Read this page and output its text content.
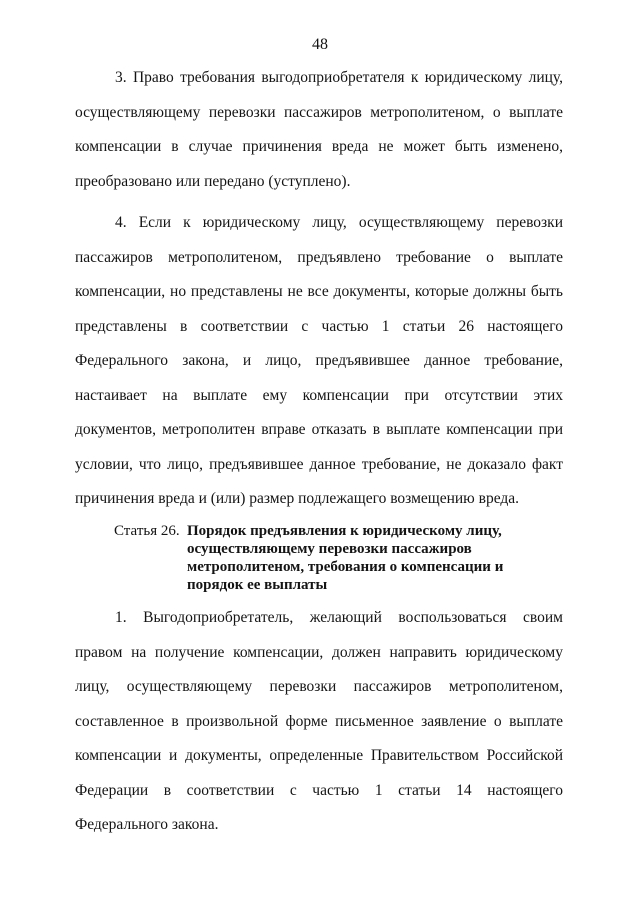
48

3. Право требования выгодоприобретателя к юридическому лицу, осуществляющему перевозки пассажиров метрополитеном, о выплате компенсации в случае причинения вреда не может быть изменено, преобразовано или передано (уступлено).

4. Если к юридическому лицу, осуществляющему перевозки пассажиров метрополитеном, предъявлено требование о выплате компенсации, но представлены не все документы, которые должны быть представлены в соответствии с частью 1 статьи 26 настоящего Федерального закона, и лицо, предъявившее данное требование, настаивает на выплате ему компенсации при отсутствии этих документов, метрополитен вправе отказать в выплате компенсации при условии, что лицо, предъявившее данное требование, не доказало факт причинения вреда и (или) размер подлежащего возмещению вреда.

Статья 26. Порядок предъявления к юридическому лицу,
осуществляющему перевозки пассажиров
метрополитеном, требования о компенсации и
порядок ее выплаты

1. Выгодоприобретатель, желающий воспользоваться своим правом на получение компенсации, должен направить юридическому лицу, осуществляющему перевозки пассажиров метрополитеном, составленное в произвольной форме письменное заявление о выплате компенсации и документы, определенные Правительством Российской Федерации в соответствии с частью 1 статьи 14 настоящего Федерального закона.
